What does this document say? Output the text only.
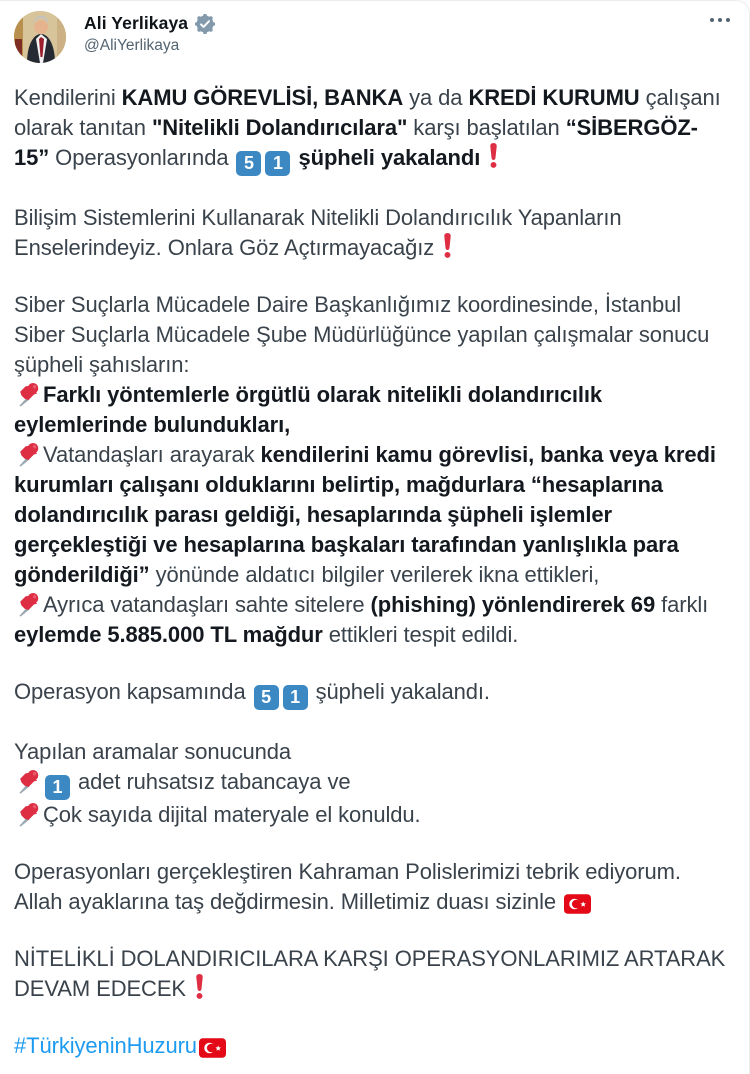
Ali Yerlikaya
@AliYerlikaya

Kendilerini KAMU GÖREVLİSİ, BANKA ya da KREDİ KURUMU çalışanı olarak tanıtan "Nitelikli Dolandırıcılara" karşı başlatılan “SİBERGÖZ-15” Operasyonlarında 5 1 şüpheli yakalandı

Bilişim Sistemlerini Kullanarak Nitelikli Dolandırıcılık Yapanların Enselerindeyiz. Onlara Göz Açtırmayacağız

Siber Suçlarla Mücadele Daire Başkanlığımız koordinesinde, İstanbul Siber Suçlarla Mücadele Şube Müdürlüğünce yapılan çalışmalar sonucu şüpheli şahısların:

Farklı yöntemlerle örgütlü olarak nitelikli dolandırıcılık eylemlerinde bulundukları,

Vatandaşları arayarak kendilerini kamu görevlisi, banka veya kredi kurumları çalışanı olduklarını belirtip, mağdurlara “hesaplarına dolandırıcılık parası geldiği, hesaplarında şüpheli işlemler gerçekleştiği ve hesaplarına başkaları tarafından yanlışlıkla para gönderildiği” yönünde aldatıcı bilgiler verilerek ikna ettikleri,

Ayrıca vatandaşları sahte sitelere (phishing) yönlendirerek 69 farklı eylemde 5.885.000 TL mağdur ettikleri tespit edildi.

Operasyon kapsamında 5 1 şüpheli yakalandı.

Yapılan aramalar sonucunda

1 adet ruhsatsız tabancaya ve

Çok sayıda dijital materyale el konuldu.

Operasyonları gerçekleştiren Kahraman Polislerimizi tebrik ediyorum. Allah ayaklarına taş değdirmesin. Milletimiz duası sizinle

NİTELİKLİ DOLANDIRICILARA KARŞI OPERASYONLARIMIZ ARTARAK DEVAM EDECEK

#TürkiyeninHuzuru
